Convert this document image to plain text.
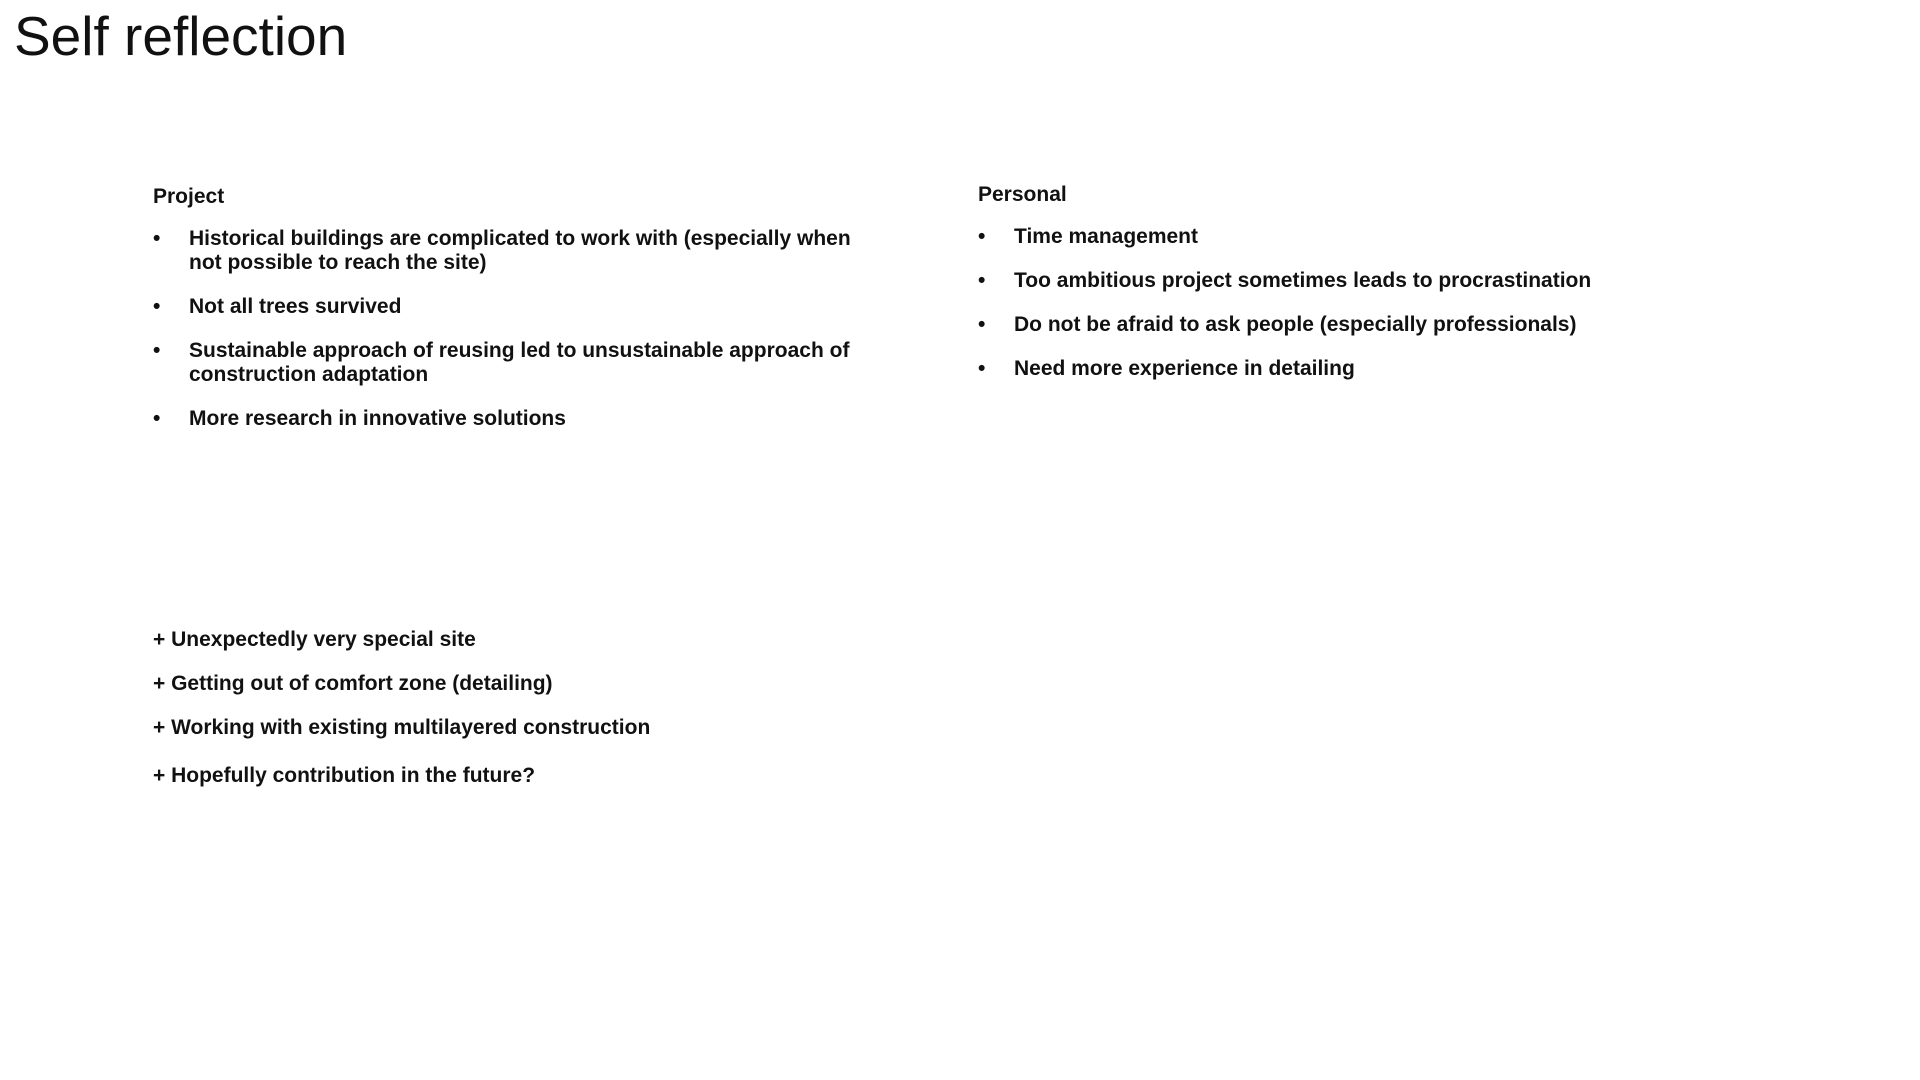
Self reflection
Project
•	Historical buildings are complicated to work with (especially when not possible to reach the site)
•	Not all trees survived
•	Sustainable approach of reusing led to unsustainable approach of construction adaptation
•	More research in innovative solutions
Personal
•	Time management
•	Too ambitious project sometimes leads to procrastination
•	Do not be afraid to ask people (especially professionals)
•	Need more experience in detailing
+ Unexpectedly very special site
+ Getting out of comfort zone (detailing)
+ Working with existing multilayered construction
+ Hopefully contribution in the future?
